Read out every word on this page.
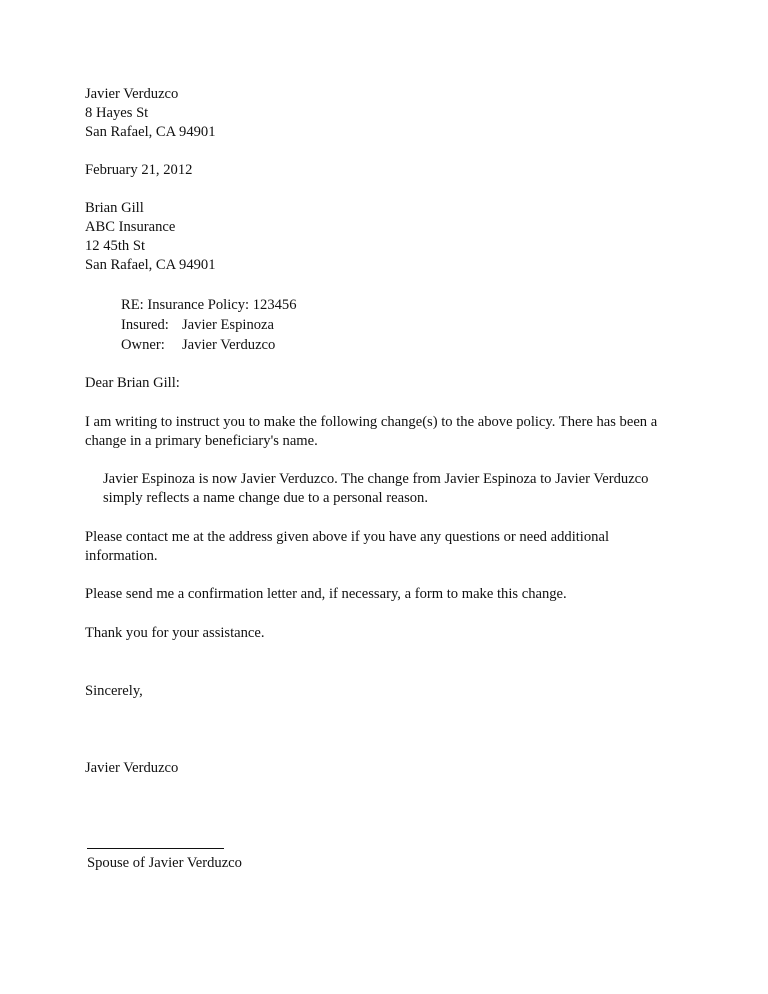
Javier Verduzco
8 Hayes St
San Rafael, CA 94901
February 21, 2012
Brian Gill
ABC Insurance
12 45th St
San Rafael, CA 94901
RE: Insurance Policy: 123456
Insured: Javier Espinoza
Owner: Javier Verduzco
Dear Brian Gill:
I am writing to instruct you to make the following change(s) to the above policy. There has been a
change in a primary beneficiary's name.
Javier Espinoza is now Javier Verduzco. The change from Javier Espinoza to Javier Verduzco
simply reflects a name change due to a personal reason.
Please contact me at the address given above if you have any questions or need additional
information.
Please send me a confirmation letter and, if necessary, a form to make this change.
Thank you for your assistance.
Sincerely,
Javier Verduzco
Spouse of Javier Verduzco
